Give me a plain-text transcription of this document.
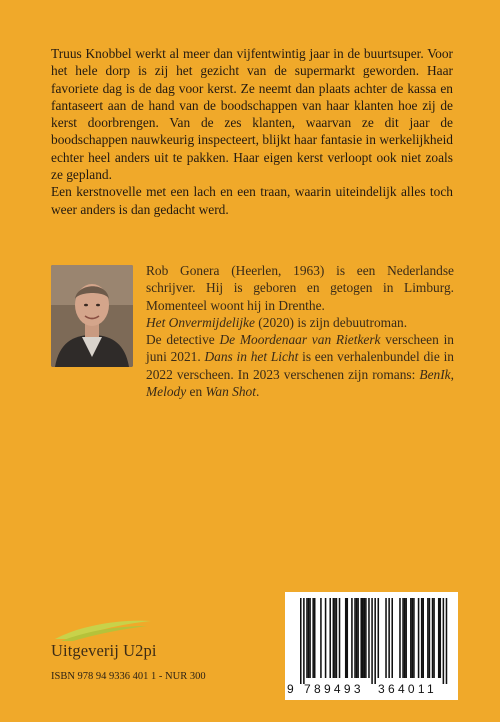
Truus Knobbel werkt al meer dan vijfentwintig jaar in de buurtsuper. Voor het hele dorp is zij het gezicht van de supermarkt geworden. Haar favoriete dag is de dag voor kerst. Ze neemt dan plaats achter de kassa en fantaseert aan de hand van de boodschappen van haar klanten hoe zij de kerst doorbrengen. Van de zes klanten, waarvan ze dit jaar de boodschappen nauwkeurig inspecteert, blijkt haar fantasie in werkelijkheid echter heel anders uit te pakken. Haar eigen kerst verloopt ook niet zoals ze gepland.

Een kerstnovelle met een lach en een traan, waarin uiteindelijk alles toch weer anders is dan gedacht werd.

Rob Gonera (Heerlen, 1963) is een Nederlandse schrijver. Hij is geboren en getogen in Limburg. Momenteel woont hij in Drenthe.

Het Onvermijdelijke (2020) is zijn debuutroman.

De detective De Moordenaar van Rietkerk verscheen in juni 2021. Dans in het Licht is een verhalenbundel die in 2022 verscheen. In 2023 verschenen zijn romans: BenIk, Melody en Wan Shot.

Uitgeverij U2pi
ISBN 978 94 9336 401 1 - NUR 300
9 789493 364011
